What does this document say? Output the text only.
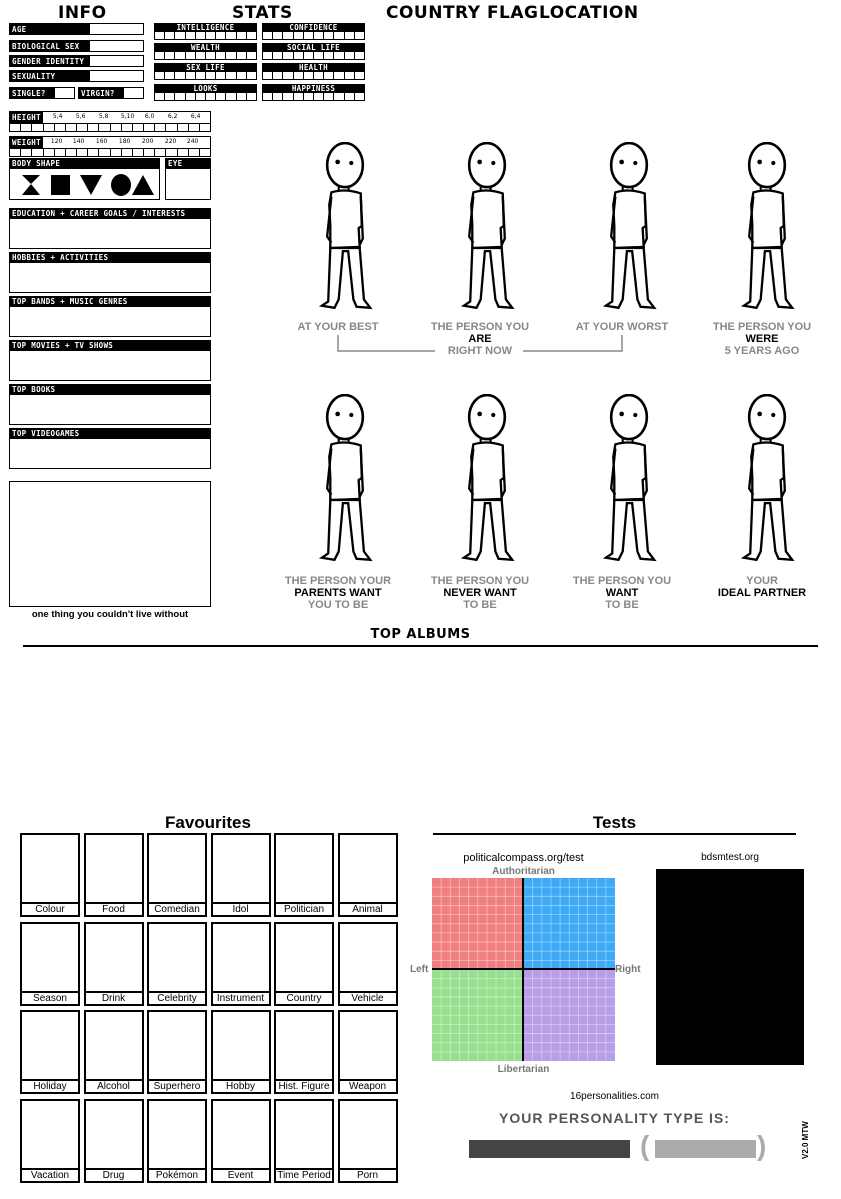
INFO	STATS	COUNTRY FLAG LOCATION
AGE
BIOLOGICAL SEX
GENDER IDENTITY
SEXUALITY
SINGLE?	VIRGIN?
INTELLIGENCE	CONFIDENCE
WEALTH	SOCIAL LIFE
SEX LIFE	HEALTH
LOOKS	HAPPINESS
HEIGHT	5,4 5,6 5,8 5,10 6,0 6,2 6,4
WEIGHT	120 140 160 180 200 220 240
BODY SHAPE	EYE COLOR
EDUCATION + CAREER GOALS / INTERESTS
HOBBIES + ACTIVITIES
TOP BANDS + MUSIC GENRES
TOP MOVIES + TV SHOWS
TOP BOOKS
TOP VIDEOGAMES
one thing you couldn't live without
AT YOUR BEST	THE PERSON YOU
ARE
RIGHT NOW
AT YOUR WORST	THE PERSON YOU
WERE
5 YEARS AGO
THE PERSON YOUR
PARENTS WANT
YOU TO BE
THE PERSON YOU
NEVER WANT
TO BE
THE PERSON YOU
WANT
TO BE
YOUR
IDEAL PARTNER
TOP ALBUMS
Favourites
Colour	Food	Comedian	Idol	Politician	Animal
Season	Drink	Celebrity	Instrument	Country	Vehicle
Holiday	Alcohol	Superhero	Hobby	Hist. Figure	Weapon
Vacation	Drug	Pokémon	Event	Time Period	Porn
Tests
politicalcompass.org/test
Authoritarian
Left	Right
Libertarian
bdsmtest.org
16personalities.com
YOUR PERSONALITY TYPE IS:
(	)	V2.0 MTW
